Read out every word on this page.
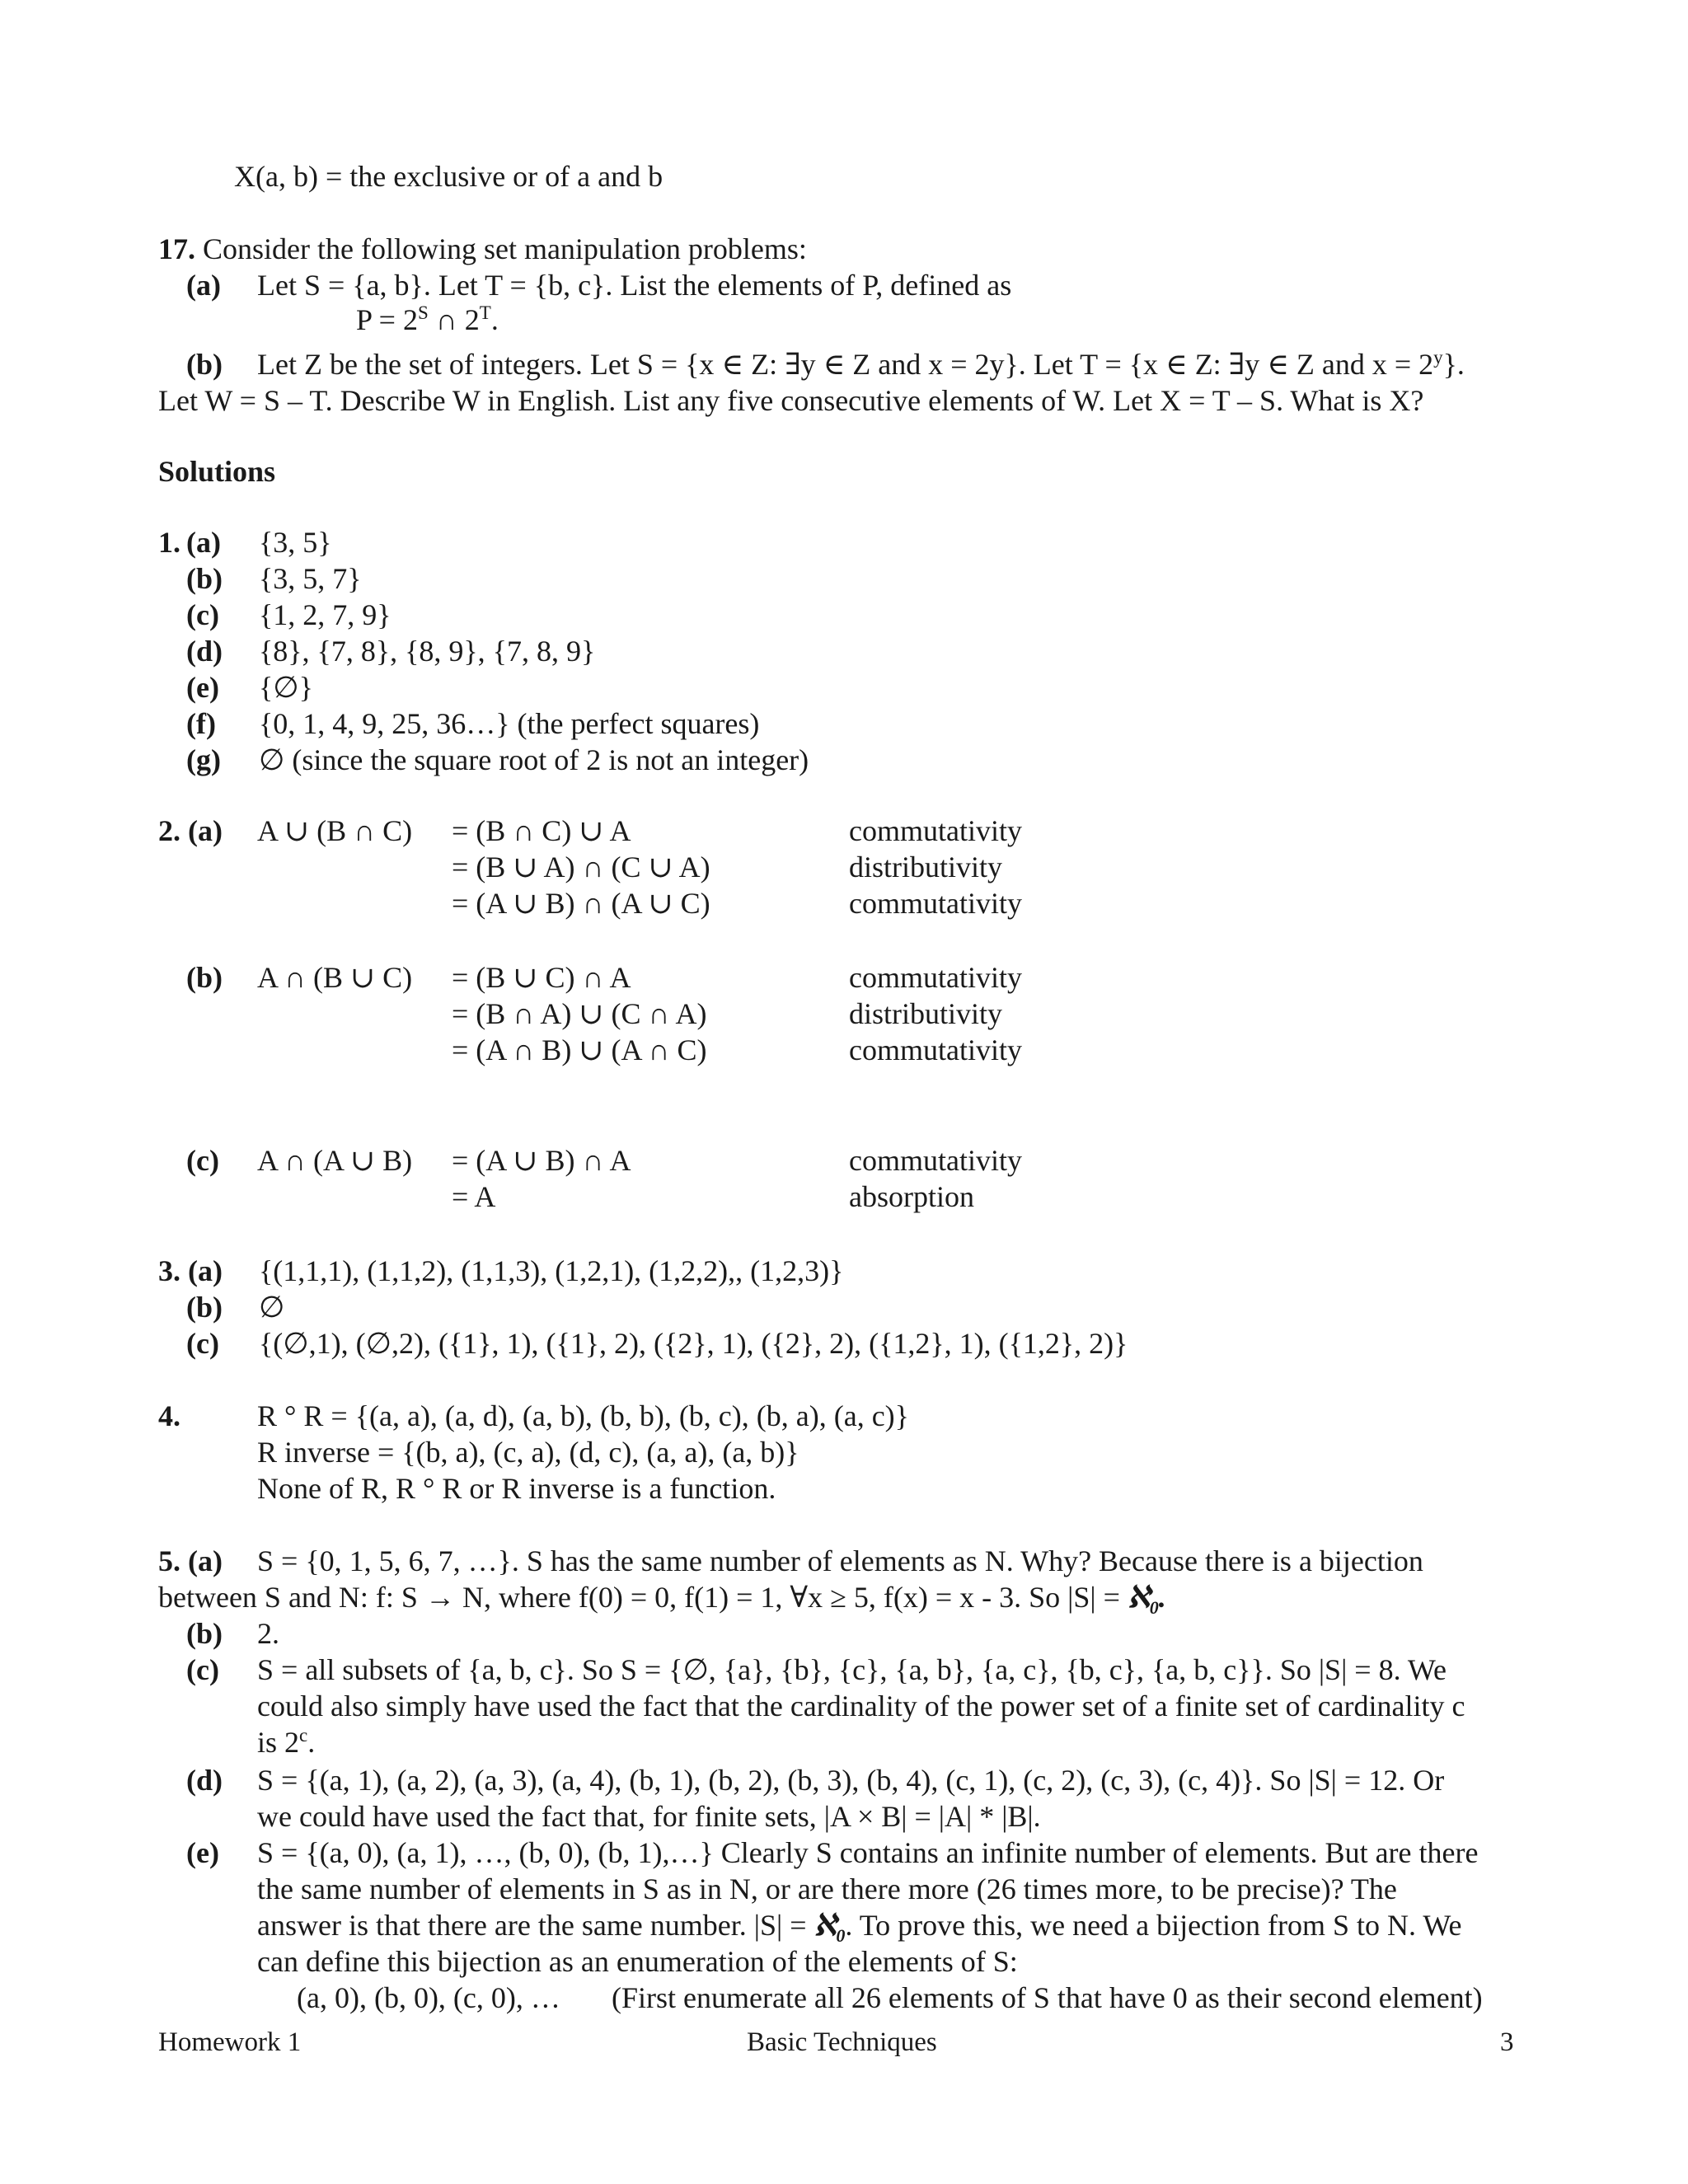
X(a, b) = the exclusive or of a and b
17. Consider the following set manipulation problems:
(a) Let S = {a, b}. Let T = {b, c}. List the elements of P, defined as
$P = 2^S$ ∩ $2^T$.
(b) Let Z be the set of integers. Let S = {x ∈ Z: ∃y ∈ Z and x = 2y}. Let T = {x ∈ Z: ∃y ∈ Z and $x = 2^y$}.
Let W = S – T. Describe W in English. List any five consecutive elements of W. Let X = T – S. What is X?
Solutions
1. (a) {3, 5}
(b) {3, 5, 7}
(c) {1, 2, 7, 9}
(d) {8}, {7, 8}, {8, 9}, {7, 8, 9}
(e) {∅}
(f) {0, 1, 4, 9, 25, 36…} (the perfect squares)
(g) ∅ (since the square root of 2 is not an integer)
2. (a) A ∪ (B ∩ C) = (B ∩ C) ∪ A	commutativity
= (B ∪ A) ∩ (C ∪ A)	distributivity
= (A ∪ B) ∩ (A ∪ C)	commutativity
(b) A ∩ (B ∪ C) = (B ∪ C) ∩ A	commutativity
= (B ∩ A) ∪ (C ∩ A)	distributivity
= (A ∩ B) ∪ (A ∩ C)	commutativity
(c) A ∩ (A ∪ B) = (A ∪ B) ∩ A	commutativity
= A	absorption
3. (a) {(1,1,1), (1,1,2), (1,1,3), (1,2,1), (1,2,2),, (1,2,3)}
(b) ∅
(c) {(∅,1), (∅,2), ({1}, 1), ({1}, 2), ({2}, 1), ({2}, 2), ({1,2}, 1), ({1,2}, 2)}
4.	R ° R = {(a, a), (a, d), (a, b), (b, b), (b, c), (b, a), (a, c)}
R inverse = {(b, a), (c, a), (d, c), (a, a), (a, b)}
None of R, R ° R or R inverse is a function.
5. (a) S = {0, 1, 5, 6, 7, …}. S has the same number of elements as N. Why? Because there is a bijection
between S and N: f: S → N, where f(0) = 0, f(1) = 1, ∀x ≥ 5, f(x) = x - 3. So |S| = ℵ$_0$.
(b) 2.
(c) S = all subsets of {a, b, c}. So S = {∅, {a}, {b}, {c}, {a, b}, {a, c}, {b, c}, {a, b, c}}. So |S| = 8. We
could also simply have used the fact that the cardinality of the power set of a finite set of cardinality c
is 2$^c$.
(d) S = {(a, 1), (a, 2), (a, 3), (a, 4), (b, 1), (b, 2), (b, 3), (b, 4), (c, 1), (c, 2), (c, 3), (c, 4)}. So |S| = 12. Or
we could have used the fact that, for finite sets, |A × B| = |A| * |B|.
(e) S = {(a, 0), (a, 1), …, (b, 0), (b, 1),…} Clearly S contains an infinite number of elements. But are there
the same number of elements in S as in N, or are there more (26 times more, to be precise)? The
answer is that there are the same number. |S| = ℵ$_0$. To prove this, we need a bijection from S to N. We
can define this bijection as an enumeration of the elements of S:
(a, 0), (b, 0), (c, 0), … (First enumerate all 26 elements of S that have 0 as their second element)
Homework 1	Basic Techniques	3
